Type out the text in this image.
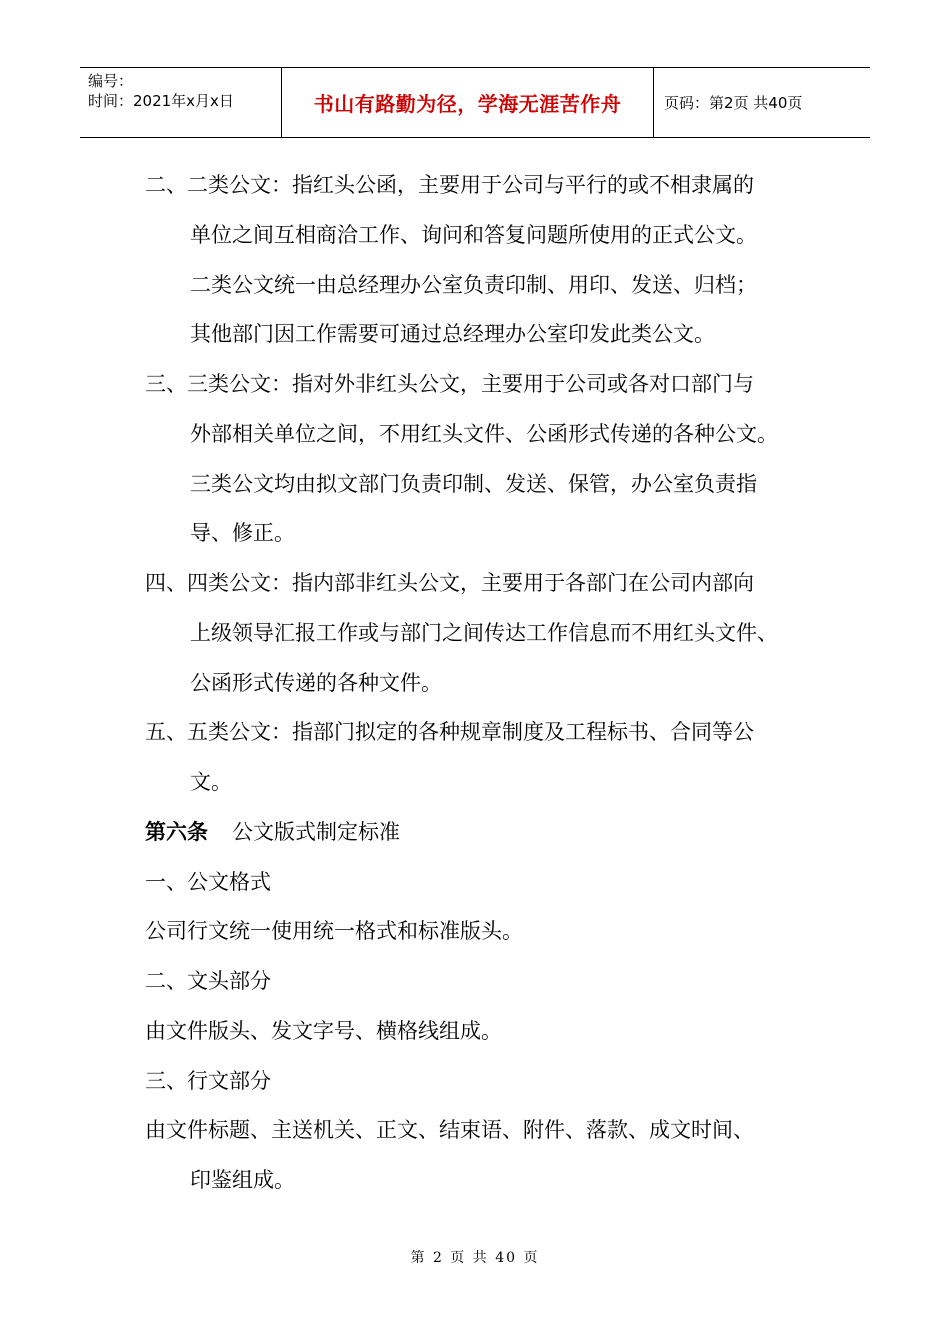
编号：
时间：2021年x月x日	书山有路勤为径，学海无涯苦作舟	页码：第2页 共40页
二、二类公文：指红头公函，主要用于公司与平行的或不相隶属的
单位之间互相商洽工作、询问和答复问题所使用的正式公文。
二类公文统一由总经理办公室负责印制、用印、发送、归档；
其他部门因工作需要可通过总经理办公室印发此类公文。
三、三类公文：指对外非红头公文，主要用于公司或各对口部门与
外部相关单位之间，不用红头文件、公函形式传递的各种公文。
三类公文均由拟文部门负责印制、发送、保管，办公室负责指
导、修正。
四、四类公文：指内部非红头公文，主要用于各部门在公司内部向
上级领导汇报工作或与部门之间传达工作信息而不用红头文件、
公函形式传递的各种文件。
五、五类公文：指部门拟定的各种规章制度及工程标书、合同等公
文。
第六条 公文版式制定标准
一、公文格式
公司行文统一使用统一格式和标准版头。
二、文头部分
由文件版头、发文字号、横格线组成。
三、行文部分
由文件标题、主送机关、正文、结束语、附件、落款、成文时间、
印鉴组成。
第 2 页 共 40 页
